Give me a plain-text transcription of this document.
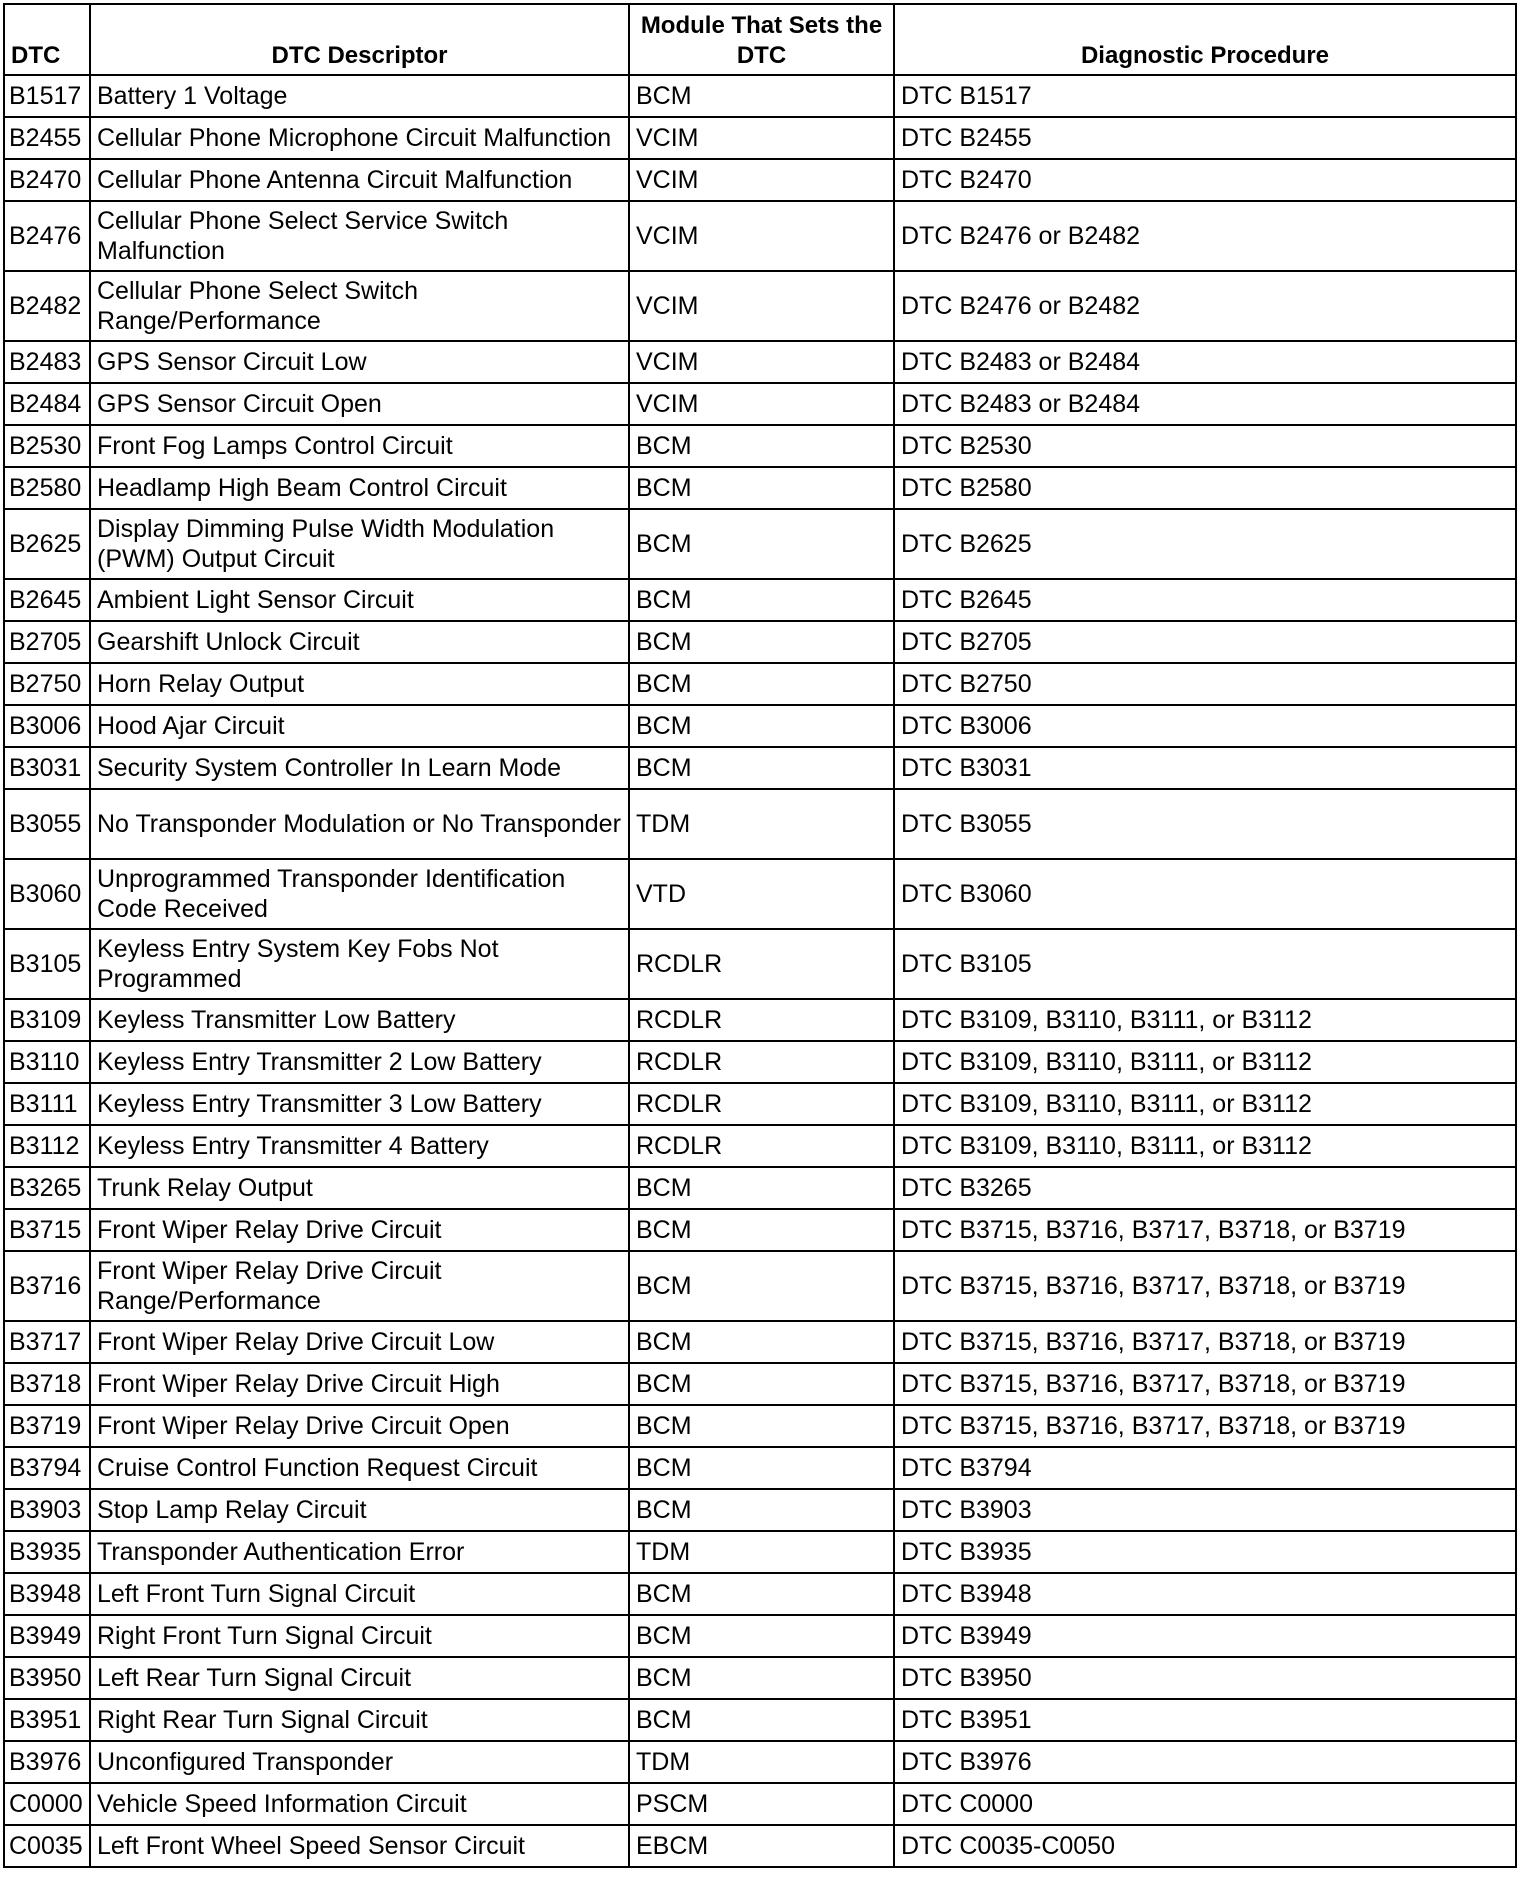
DTC	DTC Descriptor	Module That Sets the DTC	Diagnostic Procedure
B1517	Battery 1 Voltage	BCM	DTC B1517
B2455	Cellular Phone Microphone Circuit Malfunction	VCIM	DTC B2455
B2470	Cellular Phone Antenna Circuit Malfunction	VCIM	DTC B2470
B2476	Cellular Phone Select Service Switch Malfunction	VCIM	DTC B2476 or B2482
B2482	Cellular Phone Select Switch Range/Performance	VCIM	DTC B2476 or B2482
B2483	GPS Sensor Circuit Low	VCIM	DTC B2483 or B2484
B2484	GPS Sensor Circuit Open	VCIM	DTC B2483 or B2484
B2530	Front Fog Lamps Control Circuit	BCM	DTC B2530
B2580	Headlamp High Beam Control Circuit	BCM	DTC B2580
B2625	Display Dimming Pulse Width Modulation (PWM) Output Circuit	BCM	DTC B2625
B2645	Ambient Light Sensor Circuit	BCM	DTC B2645
B2705	Gearshift Unlock Circuit	BCM	DTC B2705
B2750	Horn Relay Output	BCM	DTC B2750
B3006	Hood Ajar Circuit	BCM	DTC B3006
B3031	Security System Controller In Learn Mode	BCM	DTC B3031
B3055	No Transponder Modulation or No Transponder	TDM	DTC B3055
B3060	Unprogrammed Transponder Identification Code Received	VTD	DTC B3060
B3105	Keyless Entry System Key Fobs Not Programmed	RCDLR	DTC B3105
B3109	Keyless Transmitter Low Battery	RCDLR	DTC B3109, B3110, B3111, or B3112
B3110	Keyless Entry Transmitter 2 Low Battery	RCDLR	DTC B3109, B3110, B3111, or B3112
B3111	Keyless Entry Transmitter 3 Low Battery	RCDLR	DTC B3109, B3110, B3111, or B3112
B3112	Keyless Entry Transmitter 4 Battery	RCDLR	DTC B3109, B3110, B3111, or B3112
B3265	Trunk Relay Output	BCM	DTC B3265
B3715	Front Wiper Relay Drive Circuit	BCM	DTC B3715, B3716, B3717, B3718, or B3719
B3716	Front Wiper Relay Drive Circuit Range/Performance	BCM	DTC B3715, B3716, B3717, B3718, or B3719
B3717	Front Wiper Relay Drive Circuit Low	BCM	DTC B3715, B3716, B3717, B3718, or B3719
B3718	Front Wiper Relay Drive Circuit High	BCM	DTC B3715, B3716, B3717, B3718, or B3719
B3719	Front Wiper Relay Drive Circuit Open	BCM	DTC B3715, B3716, B3717, B3718, or B3719
B3794	Cruise Control Function Request Circuit	BCM	DTC B3794
B3903	Stop Lamp Relay Circuit	BCM	DTC B3903
B3935	Transponder Authentication Error	TDM	DTC B3935
B3948	Left Front Turn Signal Circuit	BCM	DTC B3948
B3949	Right Front Turn Signal Circuit	BCM	DTC B3949
B3950	Left Rear Turn Signal Circuit	BCM	DTC B3950
B3951	Right Rear Turn Signal Circuit	BCM	DTC B3951
B3976	Unconfigured Transponder	TDM	DTC B3976
C0000	Vehicle Speed Information Circuit	PSCM	DTC C0000
C0035	Left Front Wheel Speed Sensor Circuit	EBCM	DTC C0035-C0050
